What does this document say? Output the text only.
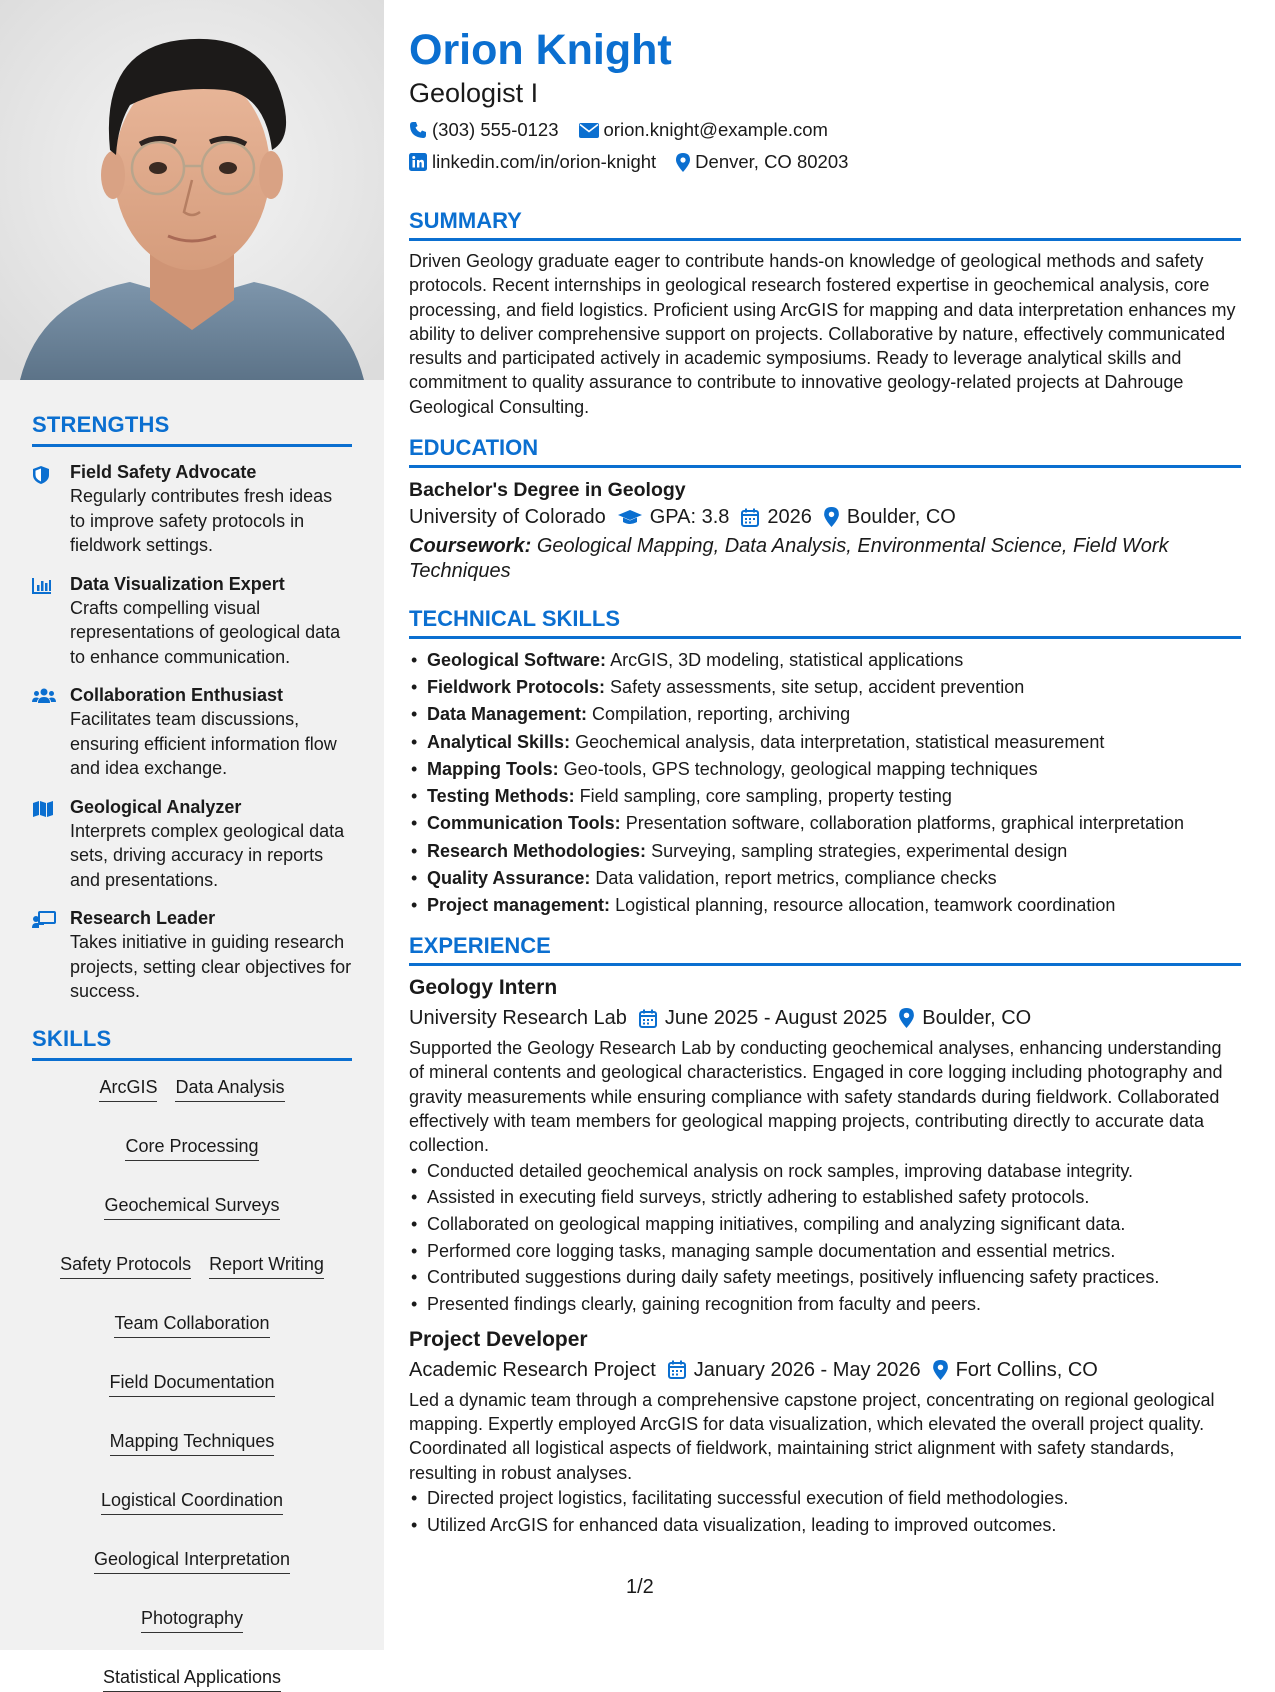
STRENGTHS
Field Safety Advocate
Regularly contributes fresh ideas to improve safety protocols in fieldwork settings.
Data Visualization Expert
Crafts compelling visual representations of geological data to enhance communication.
Collaboration Enthusiast
Facilitates team discussions, ensuring efficient information flow and idea exchange.
Geological Analyzer
Interprets complex geological data sets, driving accuracy in reports and presentations.
Research Leader
Takes initiative in guiding research projects, setting clear objectives for success.
SKILLS
ArcGIS Data Analysis
Core Processing
Geochemical Surveys
Safety Protocols Report Writing
Team Collaboration
Field Documentation
Mapping Techniques
Logistical Coordination
Geological Interpretation
Photography
Statistical Applications
Orion Knight
Geologist I
(303) 555-0123 orion.knight@example.com
linkedin.com/in/orion-knight Denver, CO 80203
SUMMARY
Driven Geology graduate eager to contribute hands-on knowledge of geological methods and safety protocols. Recent internships in geological research fostered expertise in geochemical analysis, core processing, and field logistics. Proficient using ArcGIS for mapping and data interpretation enhances my ability to deliver comprehensive support on projects. Collaborative by nature, effectively communicated results and participated actively in academic symposiums. Ready to leverage analytical skills and commitment to quality assurance to contribute to innovative geology-related projects at Dahrouge Geological Consulting.
EDUCATION
Bachelor's Degree in Geology
University of Colorado GPA: 3.8 2026 Boulder, CO
Coursework: Geological Mapping, Data Analysis, Environmental Science, Field Work Techniques
TECHNICAL SKILLS
• Geological Software: ArcGIS, 3D modeling, statistical applications
• Fieldwork Protocols: Safety assessments, site setup, accident prevention
• Data Management: Compilation, reporting, archiving
• Analytical Skills: Geochemical analysis, data interpretation, statistical measurement
• Mapping Tools: Geo-tools, GPS technology, geological mapping techniques
• Testing Methods: Field sampling, core sampling, property testing
• Communication Tools: Presentation software, collaboration platforms, graphical interpretation
• Research Methodologies: Surveying, sampling strategies, experimental design
• Quality Assurance: Data validation, report metrics, compliance checks
• Project management: Logistical planning, resource allocation, teamwork coordination
EXPERIENCE
Geology Intern
University Research Lab June 2025 - August 2025 Boulder, CO
Supported the Geology Research Lab by conducting geochemical analyses, enhancing understanding of mineral contents and geological characteristics. Engaged in core logging including photography and gravity measurements while ensuring compliance with safety standards during fieldwork. Collaborated effectively with team members for geological mapping projects, contributing directly to accurate data collection.
• Conducted detailed geochemical analysis on rock samples, improving database integrity.
• Assisted in executing field surveys, strictly adhering to established safety protocols.
• Collaborated on geological mapping initiatives, compiling and analyzing significant data.
• Performed core logging tasks, managing sample documentation and essential metrics.
• Contributed suggestions during daily safety meetings, positively influencing safety practices.
• Presented findings clearly, gaining recognition from faculty and peers.
Project Developer
Academic Research Project January 2026 - May 2026 Fort Collins, CO
Led a dynamic team through a comprehensive capstone project, concentrating on regional geological mapping. Expertly employed ArcGIS for data visualization, which elevated the overall project quality. Coordinated all logistical aspects of fieldwork, maintaining strict alignment with safety standards, resulting in robust analyses.
• Directed project logistics, facilitating successful execution of field methodologies.
• Utilized ArcGIS for enhanced data visualization, leading to improved outcomes.
1/2
